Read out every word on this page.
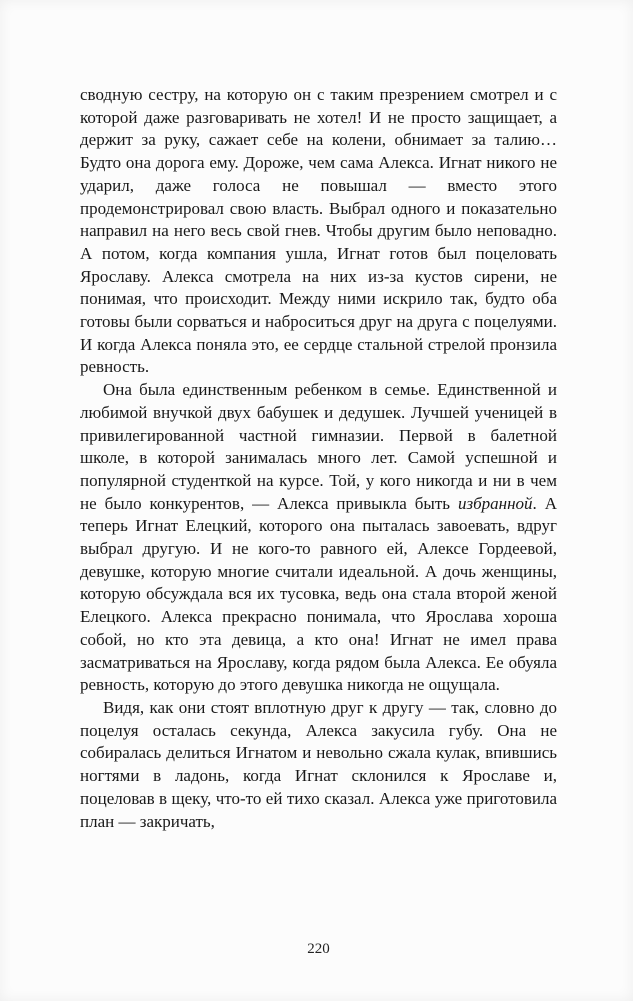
сводную сестру, на которую он с таким презрением смотрел и с которой даже разговаривать не хотел! И не просто защищает, а держит за руку, сажает себе на колени, обнимает за талию… Будто она дорога ему. Дороже, чем сама Алекса. Игнат никого не ударил, даже голоса не повышал — вместо этого продемонстрировал свою власть. Выбрал одного и показательно направил на него весь свой гнев. Чтобы другим было неповадно. А потом, когда компания ушла, Игнат готов был поцеловать Ярославу. Алекса смотрела на них из-за кустов сирени, не понимая, что происходит. Между ними искрило так, будто оба готовы были сорваться и наброситься друг на друга с поцелуями. И когда Алекса поняла это, ее сердце стальной стрелой пронзила ревность.

Она была единственным ребенком в семье. Единственной и любимой внучкой двух бабушек и дедушек. Лучшей ученицей в привилегированной частной гимназии. Первой в балетной школе, в которой занималась много лет. Самой успешной и популярной студенткой на курсе. Той, у кого никогда и ни в чем не было конкурентов, — Алекса привыкла быть избранной. А теперь Игнат Елецкий, которого она пыталась завоевать, вдруг выбрал другую. И не кого-то равного ей, Алексе Гордеевой, девушке, которую многие считали идеальной. А дочь женщины, которую обсуждала вся их тусовка, ведь она стала второй женой Елецкого. Алекса прекрасно понимала, что Ярослава хороша собой, но кто эта девица, а кто она! Игнат не имел права засматриваться на Ярославу, когда рядом была Алекса. Ее обуяла ревность, которую до этого девушка никогда не ощущала.

Видя, как они стоят вплотную друг к другу — так, словно до поцелуя осталась секунда, Алекса закусила губу. Она не собиралась делиться Игнатом и невольно сжала кулак, впившись ногтями в ладонь, когда Игнат склонился к Ярославе и, поцеловав в щеку, что-то ей тихо сказал. Алекса уже приготовила план — закричать,

220
